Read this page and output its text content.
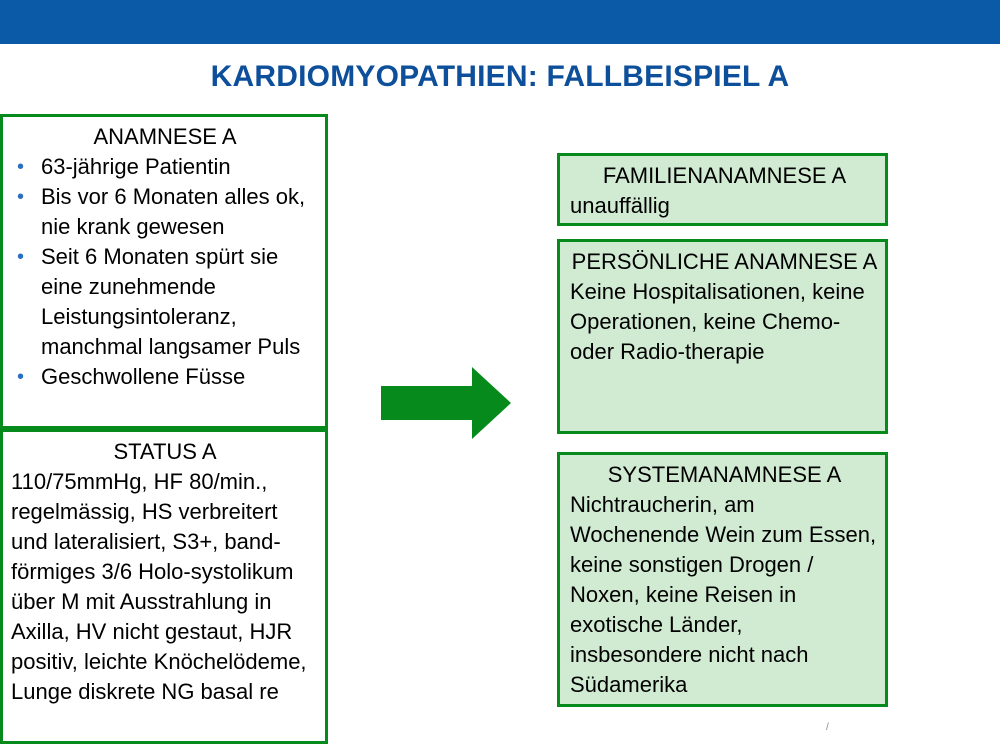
KARDIOMYOPATHIEN: FALLBEISPIEL A
ANAMNESE A
• 63-jährige Patientin
• Bis vor 6 Monaten alles ok, nie krank gewesen
• Seit 6 Monaten spürt sie eine zunehmende Leistungsintoleranz, manchmal langsamer Puls
• Geschwollene Füsse
STATUS A
110/75mmHg, HF 80/min., regelmässig, HS verbreitert und lateralisiert, S3+, band-förmiges 3/6 Holo-systolikum über M mit Ausstrahlung in Axilla, HV nicht gestaut, HJR positiv, leichte Knöchelödeme, Lunge diskrete NG basal re
FAMILIENANAMNESE A
unauffällig
PERSÖNLICHE ANAMNESE A
Keine Hospitalisationen, keine Operationen, keine Chemo- oder Radio-therapie
SYSTEMANAMNESE A
Nichtraucherin, am Wochenende Wein zum Essen, keine sonstigen Drogen / Noxen, keine Reisen in exotische Länder, insbesondere nicht nach Südamerika
/
